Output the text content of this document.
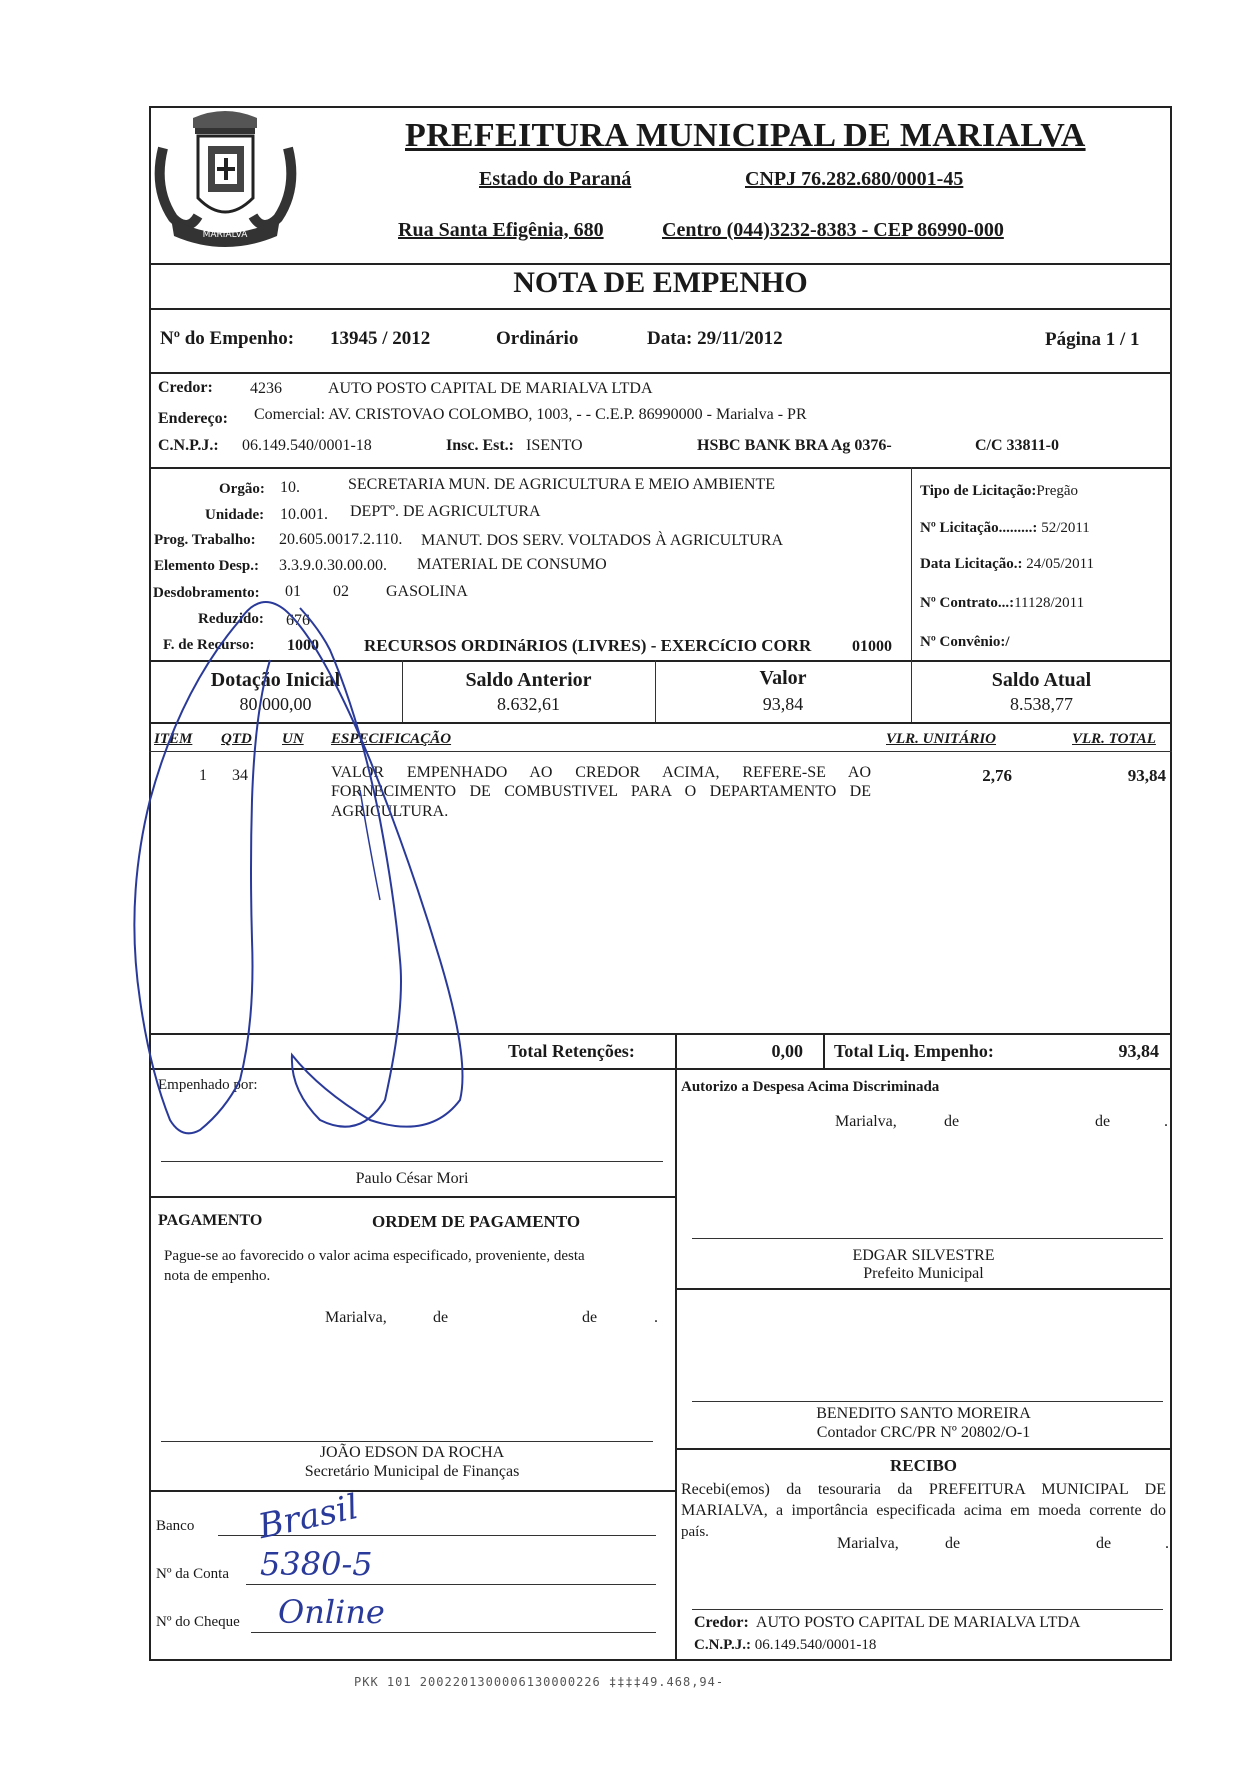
MARIALVA
PREFEITURA MUNICIPAL DE MARIALVA
Estado do Paraná	CNPJ 76.282.680/0001-45
Rua Santa Efigênia, 680	Centro (044)3232-8383 - CEP 86990-000
NOTA DE EMPENHO
Nº do Empenho: 13945 / 2012	Ordinário	Data: 29/11/2012	Página 1 / 1
Credor: 4236	AUTO POSTO CAPITAL DE MARIALVA LTDA
Endereço: Comercial: AV. CRISTOVAO COLOMBO, 1003, - - C.E.P. 86990000 - Marialva - PR
C.N.P.J.: 06.149.540/0001-18	Insc. Est.: ISENTO	HSBC BANK BRA Ag 0376-	C/C 33811-0
Orgão: 10.	SECRETARIA MUN. DE AGRICULTURA E MEIO AMBIENTE
Unidade: 10.001. DEPTº. DE AGRICULTURA
Prog. Trabalho: 20.605.0017.2.110. MANUT. DOS SERV. VOLTADOS À AGRICULTURA
Elemento Desp.: 3.3.9.0.30.00.00. MATERIAL DE CONSUMO
Desdobramento: 01 02 GASOLINA
Reduzido: 676
F. de Recurso: 1000	RECURSOS ORDINáRIOS (LIVRES) - EXERCíCIO CORR	01000
Tipo de Licitação:Pregão
Nº Licitação.........: 52/2011
Data Licitação.: 24/05/2011
Nº Contrato...:11128/2011
Nº Convênio:/
Dotação Inicial
80.000,00
Saldo Anterior
8.632,61
Valor
93,84
Saldo Atual
8.538,77
ITEM QTD UN ESPECIFICAÇÃO	VLR. UNITÁRIO	VLR. TOTAL
1 34	VALOR EMPENHADO AO CREDOR ACIMA, REFERE-SE AO
FORNECIMENTO DE COMBUSTIVEL PARA O DEPARTAMENTO DE
AGRICULTURA.
2,76	93,84
Total Retenções:	0,00 Total Liq. Empenho:	93,84
Empenhado por:
Paulo César Mori
PAGAMENTO	ORDEM DE PAGAMENTO
Pague-se ao favorecido o valor acima especificado, proveniente, desta
nota de empenho.
Marialva,	de	de	.
JOÃO EDSON DA ROCHA
Secretário Municipal de Finanças
Banco Brasil
Nº da Conta 5380-5
Nº do Cheque Online
Autorizo a Despesa Acima Discriminada
Marialva,	de	de	.
EDGAR SILVESTRE
Prefeito Municipal
BENEDITO SANTO MOREIRA
Contador CRC/PR Nº 20802/O-1
RECIBO
Recebi(emos) da tesouraria da PREFEITURA MUNICIPAL DE
MARIALVA, a importância especificada acima em moeda corrente do
país.
Marialva,	de	de	.
Credor: AUTO POSTO CAPITAL DE MARIALVA LTDA
C.N.P.J.: 06.149.540/0001-18
PKK 101 2002201300006130000226 ‡‡‡‡49.468,94-
